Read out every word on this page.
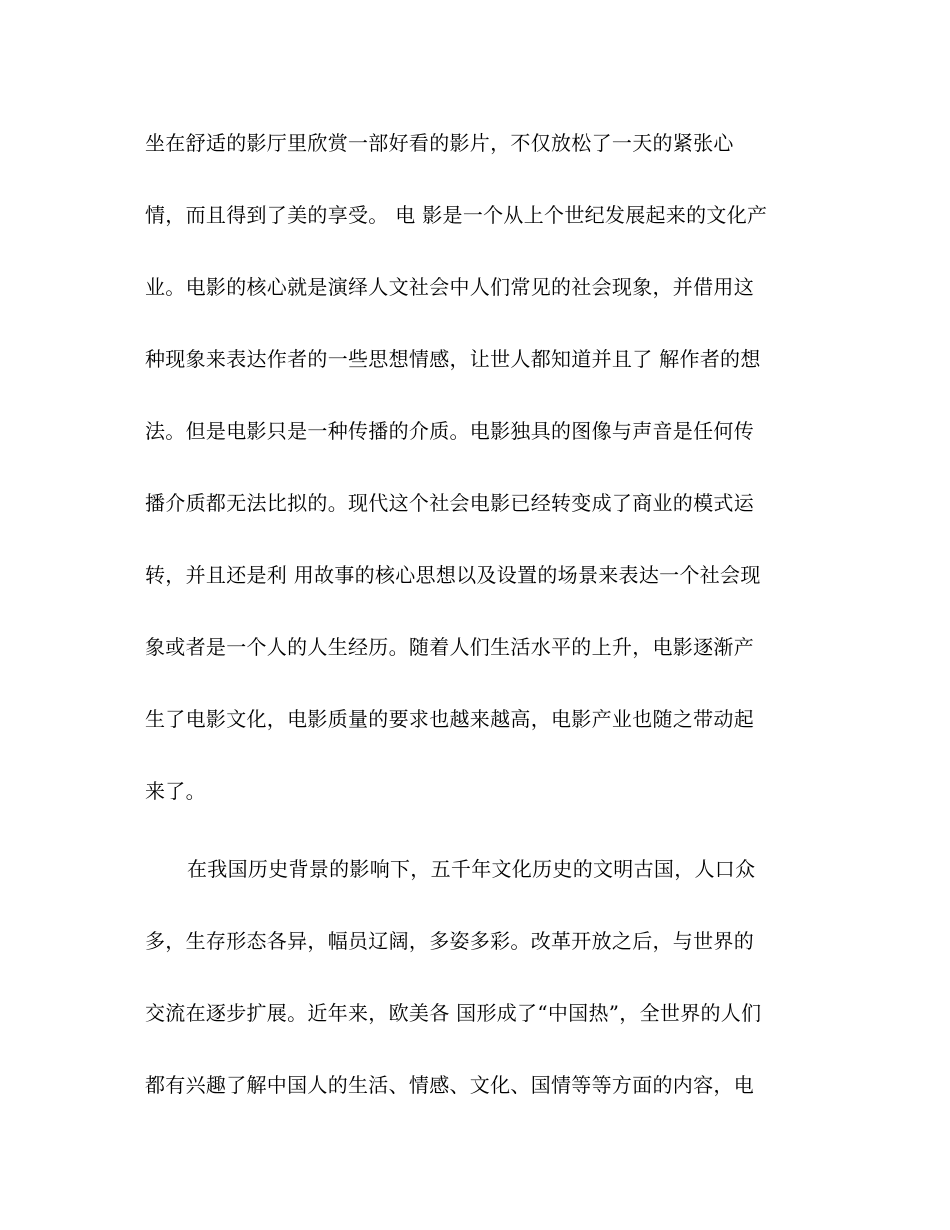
坐在舒适的影厅里欣赏一部好看的影片，不仅放松了一天的紧张心
情，而且得到了美的享受。 电 影是一个从上个世纪发展起来的文化产
业。电影的核心就是演绎人文社会中人们常见的社会现象，并借用这
种现象来表达作者的一些思想情感，让世人都知道并且了 解作者的想
法。但是电影只是一种传播的介质。电影独具的图像与声音是任何传
播介质都无法比拟的。现代这个社会电影已经转变成了商业的模式运
转，并且还是利 用故事的核心思想以及设置的场景来表达一个社会现
象或者是一个人的人生经历。随着人们生活水平的上升，电影逐渐产
生了电影文化，电影质量的要求也越来越高，电影产业也随之带动起
来了。
在我国历史背景的影响下，五千年文化历史的文明古国，人口众
多，生存形态各异，幅员辽阔，多姿多彩。改革开放之后，与世界的
交流在逐步扩展。近年来，欧美各 国形成了“中国热”，全世界的人们
都有兴趣了解中国人的生活、情感、文化、国情等等方面的内容，电
